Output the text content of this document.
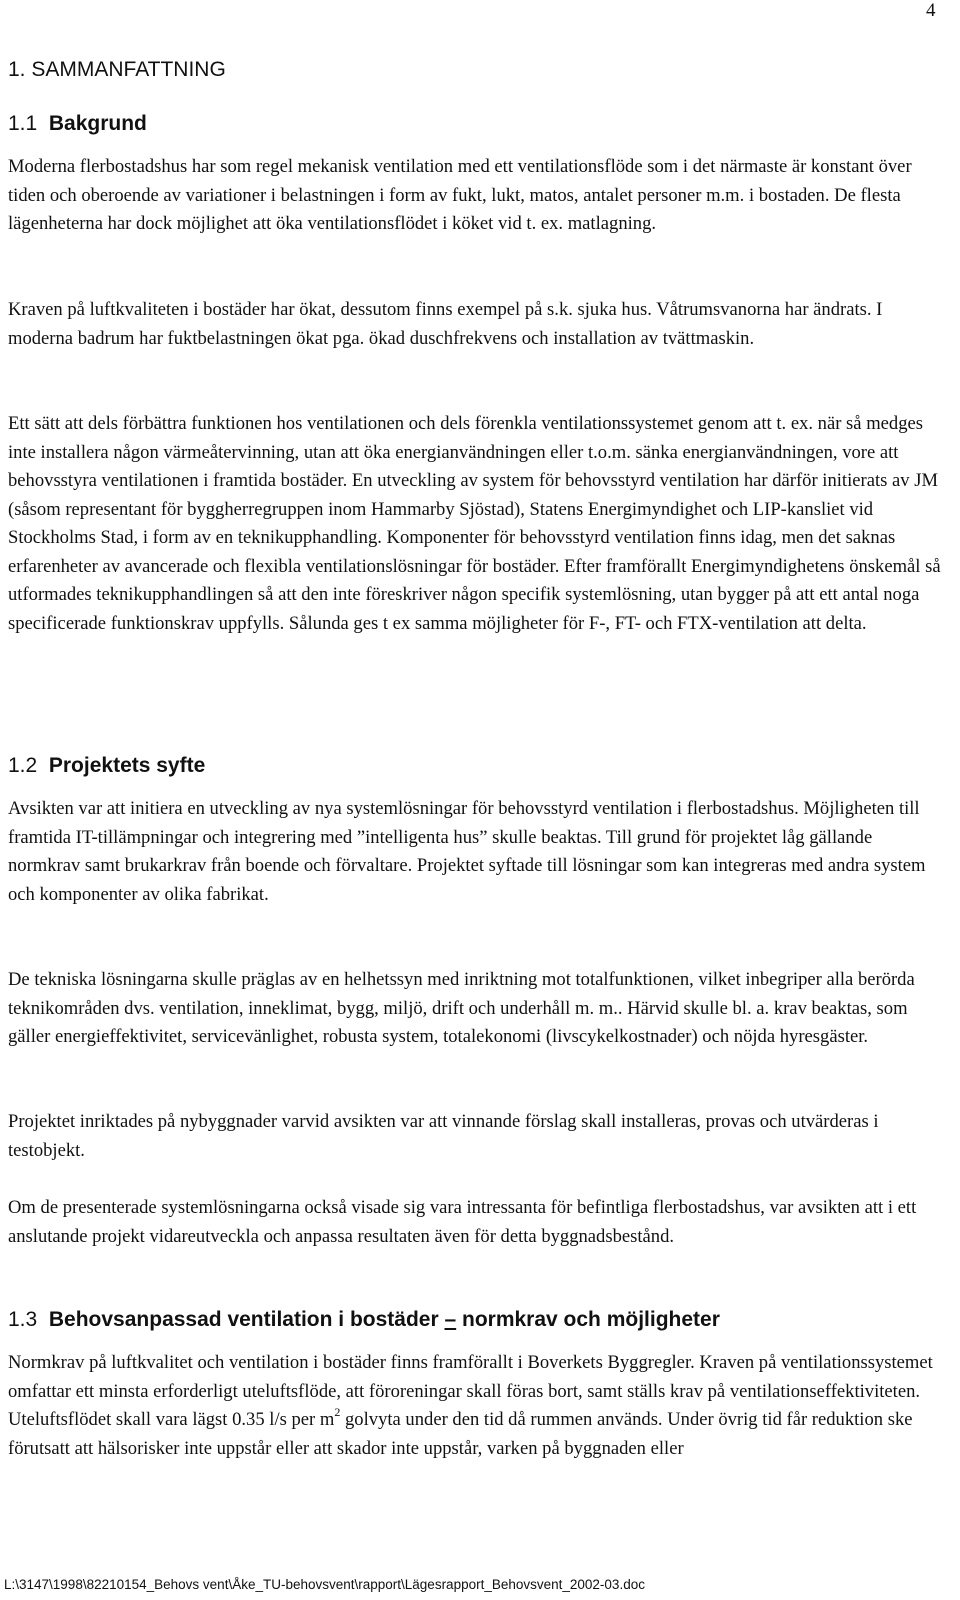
4
1. SAMMANFATTNING
1.1 Bakgrund

Moderna flerbostadshus har som regel mekanisk ventilation med ett ventilationsflöde som i det närmaste är konstant över tiden och oberoende av variationer i belastningen i form av fukt, lukt, matos, antalet personer m.m. i bostaden. De flesta lägenheterna har dock möjlighet att öka ventilationsflödet i köket vid t. ex. matlagning.

Kraven på luftkvaliteten i bostäder har ökat, dessutom finns exempel på s.k. sjuka hus. Våtrumsvanorna har ändrats. I moderna badrum har fuktbelastningen ökat pga. ökad duschfrekvens och installation av tvättmaskin.

Ett sätt att dels förbättra funktionen hos ventilationen och dels förenkla ventilationssystemet genom att t. ex. när så medges inte installera någon värmeåtervinning, utan att öka energianvändningen eller t.o.m. sänka energianvändningen, vore att behovsstyra ventilationen i framtida bostäder. En utveckling av system för behovsstyrd ventilation har därför initierats av JM (såsom representant för byggherregruppen inom Hammarby Sjöstad), Statens Energimyndighet och LIP-kansliet vid Stockholms Stad, i form av en teknikupphandling. Komponenter för behovsstyrd ventilation finns idag, men det saknas erfarenheter av avancerade och flexibla ventilationslösningar för bostäder. Efter framförallt Energimyndighetens önskemål så utformades teknikupphandlingen så att den inte föreskriver någon specifik systemlösning, utan bygger på att ett antal noga specificerade funktionskrav uppfylls. Sålunda ges t ex samma möjligheter för F-, FT- och FTX-ventilation att delta.

1.2 Projektets syfte

Avsikten var att initiera en utveckling av nya systemlösningar för behovsstyrd ventilation i flerbostadshus. Möjligheten till framtida IT-tillämpningar och integrering med ”intelligenta hus” skulle beaktas. Till grund för projektet låg gällande normkrav samt brukarkrav från boende och förvaltare. Projektet syftade till lösningar som kan integreras med andra system och komponenter av olika fabrikat.

De tekniska lösningarna skulle präglas av en helhetssyn med inriktning mot totalfunktionen, vilket inbegriper alla berörda teknikområden dvs. ventilation, inneklimat, bygg, miljö, drift och underhåll m. m.. Härvid skulle bl. a. krav beaktas, som gäller energieffektivitet, servicevänlighet, robusta system, totalekonomi (livscykelkostnader) och nöjda hyresgäster.

Projektet inriktades på nybyggnader varvid avsikten var att vinnande förslag skall installeras, provas och utvärderas i testobjekt.

Om de presenterade systemlösningarna också visade sig vara intressanta för befintliga flerbostadshus, var avsikten att i ett anslutande projekt vidareutveckla och anpassa resultaten även för detta byggnadsbestånd.

1.3 Behovsanpassad ventilation i bostäder – normkrav och möjligheter

Normkrav på luftkvalitet och ventilation i bostäder finns framförallt i Boverkets Byggregler. Kraven på ventilationssystemet omfattar ett minsta erforderligt uteluftsflöde, att föroreningar skall föras bort, samt ställs krav på ventilationseffektiviteten. Uteluftsflödet skall vara lägst 0.35 l/s per $m^2$ golvyta under den tid då rummen används. Under övrig tid får reduktion ske förutsatt att hälsorisker inte uppstår eller att skador inte uppstår, varken på byggnaden eller

L:\3147\1998\82210154_Behovs vent\Åke_TU-behovsvent\rapport\Lägesrapport_Behovsvent_2002-03.doc
